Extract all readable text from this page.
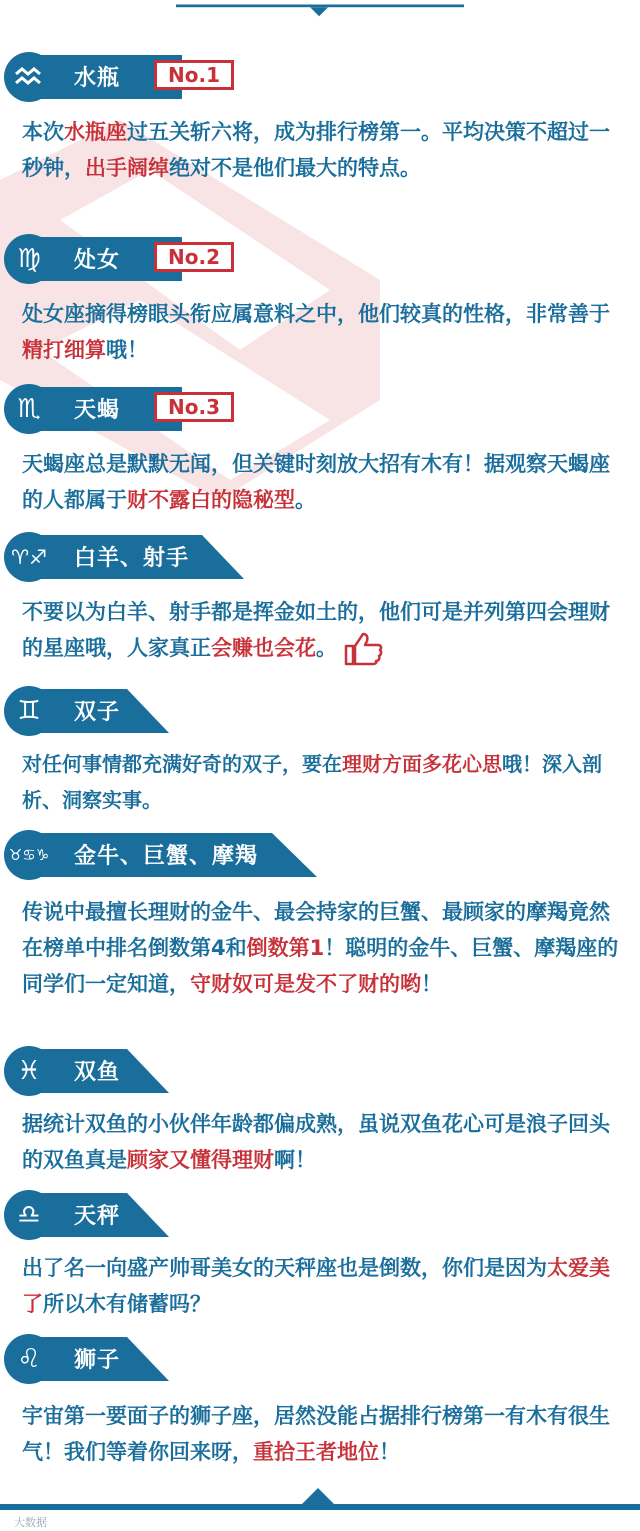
水瓶	No.1
本次水瓶座过五关斩六将，成为排行榜第一。平均决策不超过一秒钟，出手阔绰绝对不是他们最大的特点。
♍ 处女	No.2
处女座摘得榜眼头衔应属意料之中，他们较真的性格，非常善于精打细算哦！
♏ 天蝎	No.3
天蝎座总是默默无闻，但关键时刻放大招有木有！据观察天蝎座的人都属于财不露白的隐秘型。
♈♐ 白羊、射手
不要以为白羊、射手都是挥金如土的，他们可是并列第四会理财的星座哦，人家真正会赚也会花。
♊ 双子
对任何事情都充满好奇的双子，要在理财方面多花心思哦！深入剖析、洞察实事。
♉♋♑ 金牛、巨蟹、摩羯
传说中最擅长理财的金牛、最会持家的巨蟹、最顾家的摩羯竟然在榜单中排名倒数第4和倒数第1！聪明的金牛、巨蟹、摩羯座的同学们一定知道，守财奴可是发不了财的哟！
♓ 双鱼
据统计双鱼的小伙伴年龄都偏成熟，虽说双鱼花心可是浪子回头的双鱼真是顾家又懂得理财啊！
♎ 天秤
出了名一向盛产帅哥美女的天秤座也是倒数，你们是因为太爱美了所以木有储蓄吗？
♌ 狮子
宇宙第一要面子的狮子座，居然没能占据排行榜第一有木有很生气！我们等着你回来呀，重拾王者地位！
大数据
